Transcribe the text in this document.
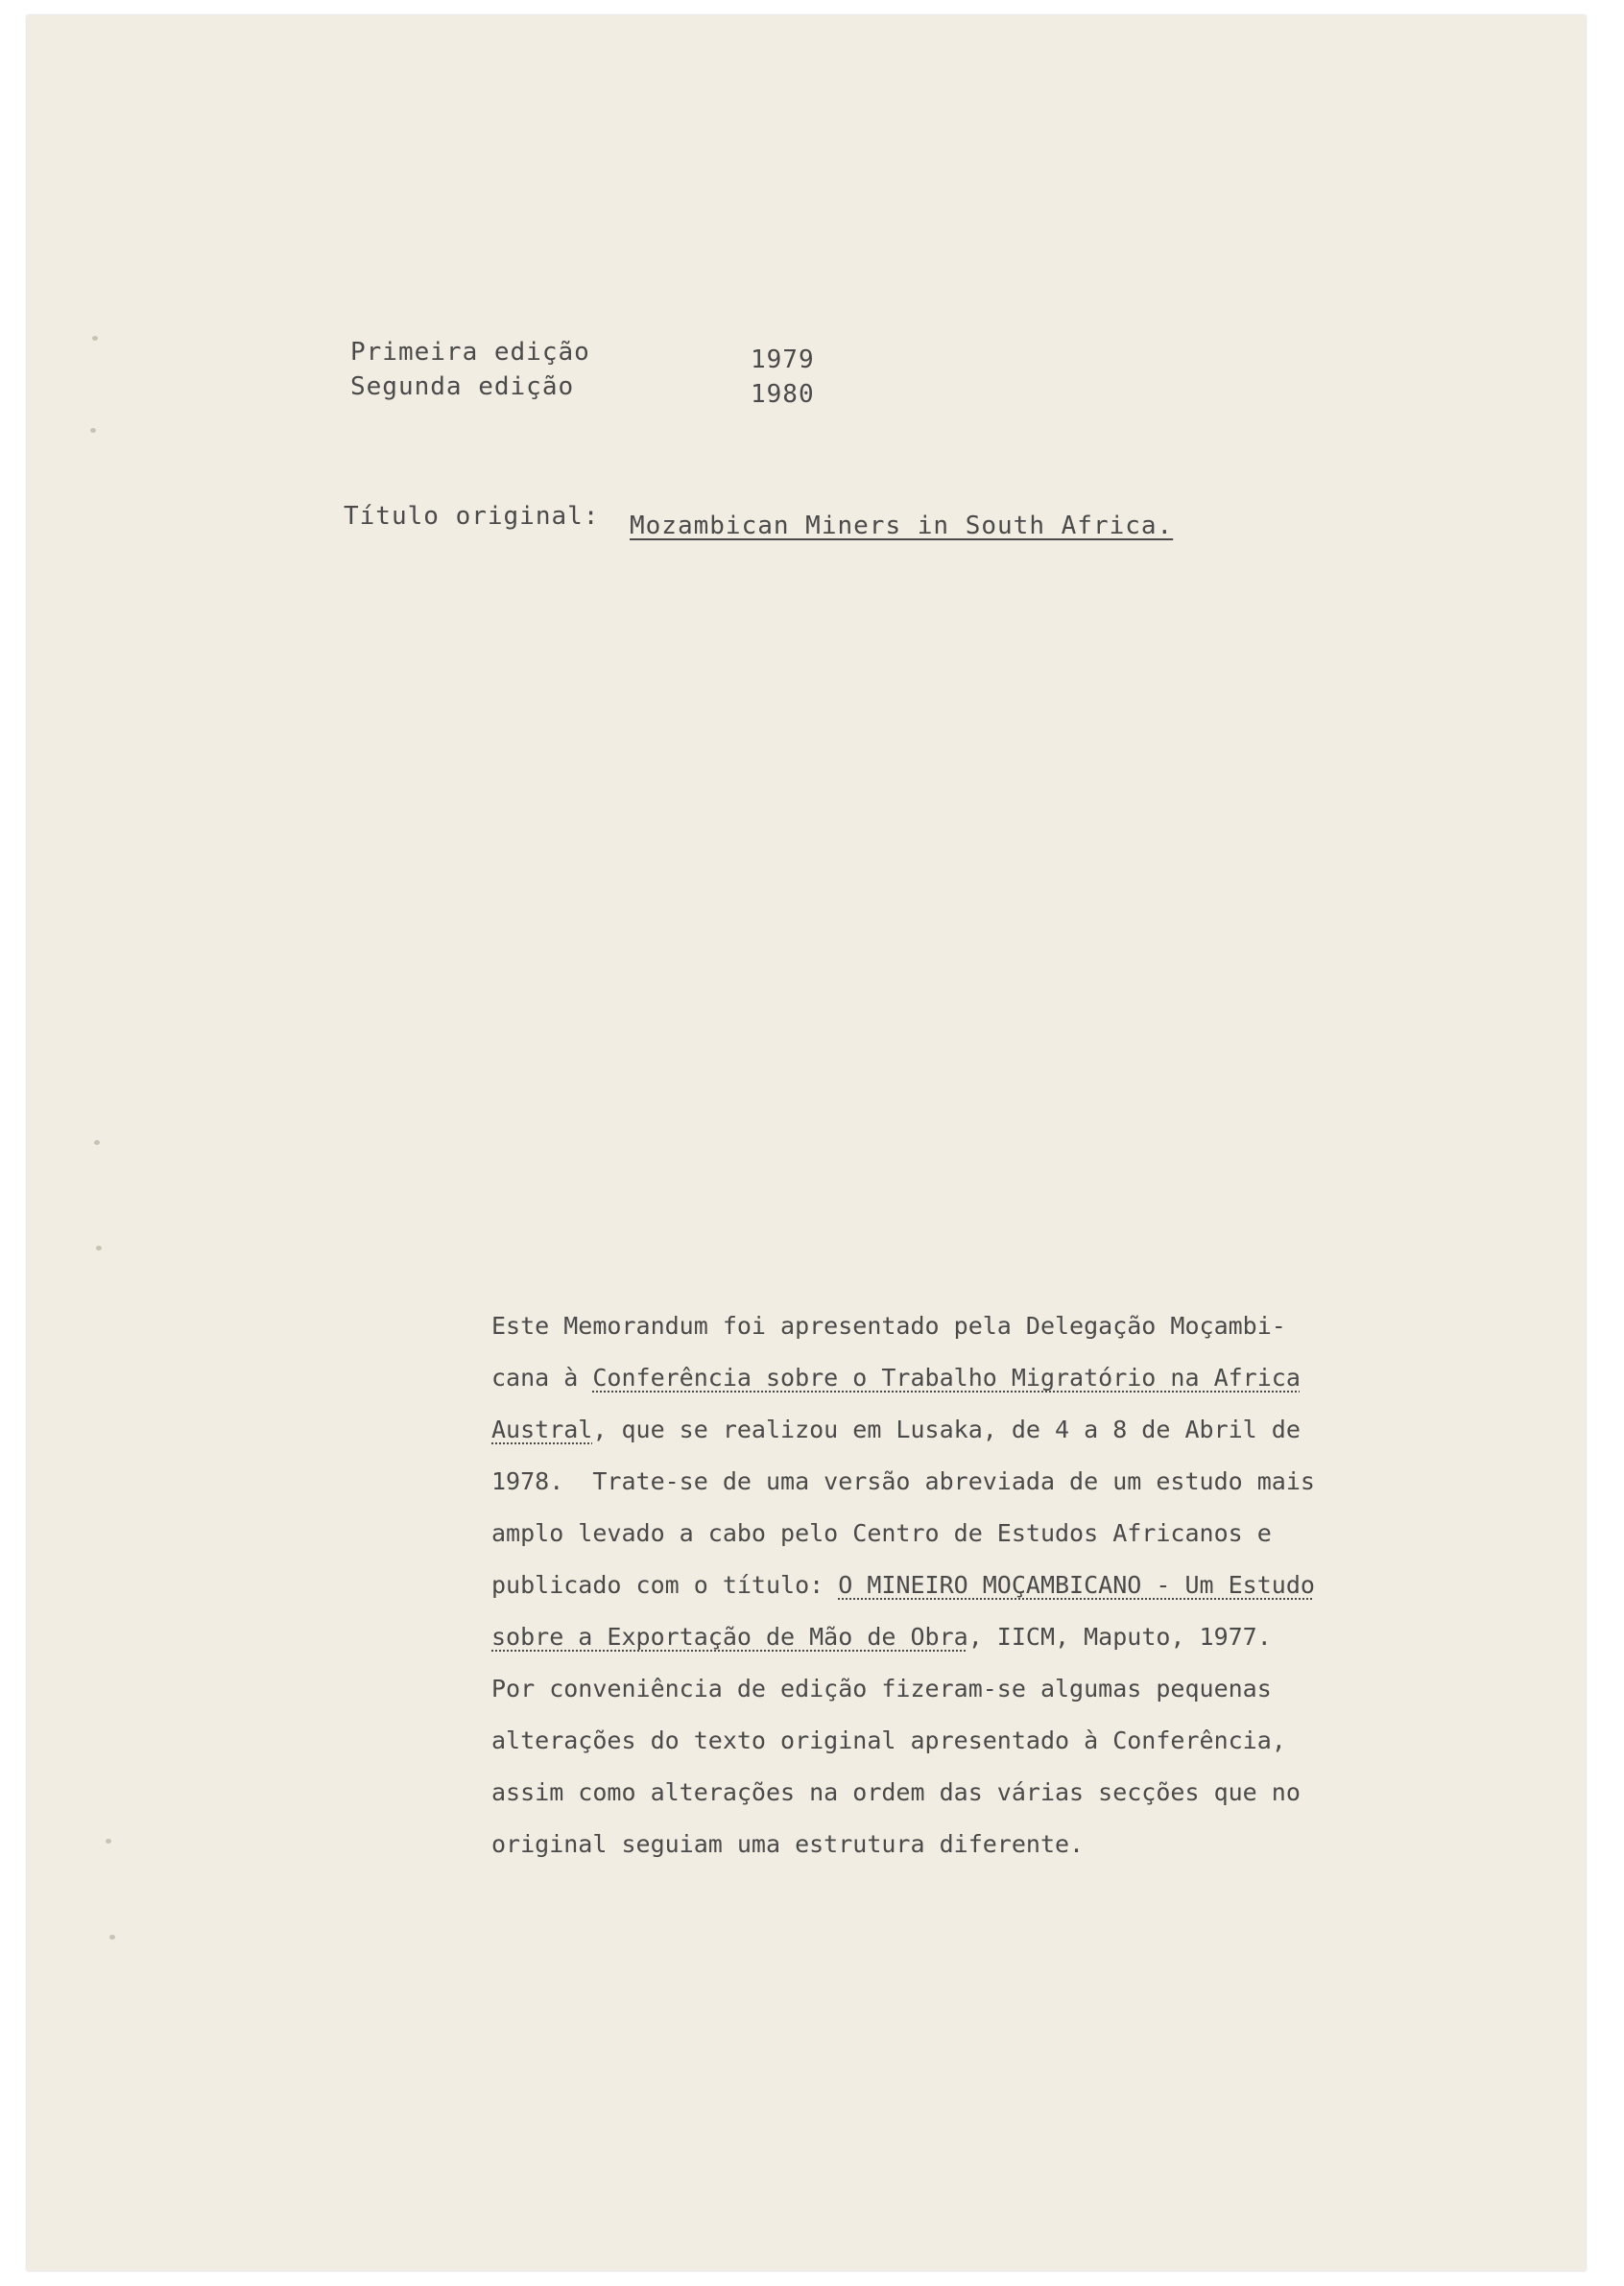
Primeira edição	1979
Segunda edição	1980
Título original: Mozambican Miners in South Africa.
Este Memorandum foi apresentado pela Delegação Moçambi-
cana à Conferência sobre o Trabalho Migratório na Africa
Austral , que se realizou em Lusaka, de 4 a 8 de Abril de
1978.  Trate-se de uma versão abreviada de um estudo mais
amplo levado a cabo pelo Centro de Estudos Africanos e
publicado com o título: O MINEIRO MOÇAMBICANO - Um Estudo
sobre a Exportação de Mão de Obra , IICM, Maputo, 1977.
Por conveniência de edição fizeram-se algumas pequenas
alterações do texto original apresentado à Conferência,
assim como alterações na ordem das várias secções que no
original seguiam uma estrutura diferente.
